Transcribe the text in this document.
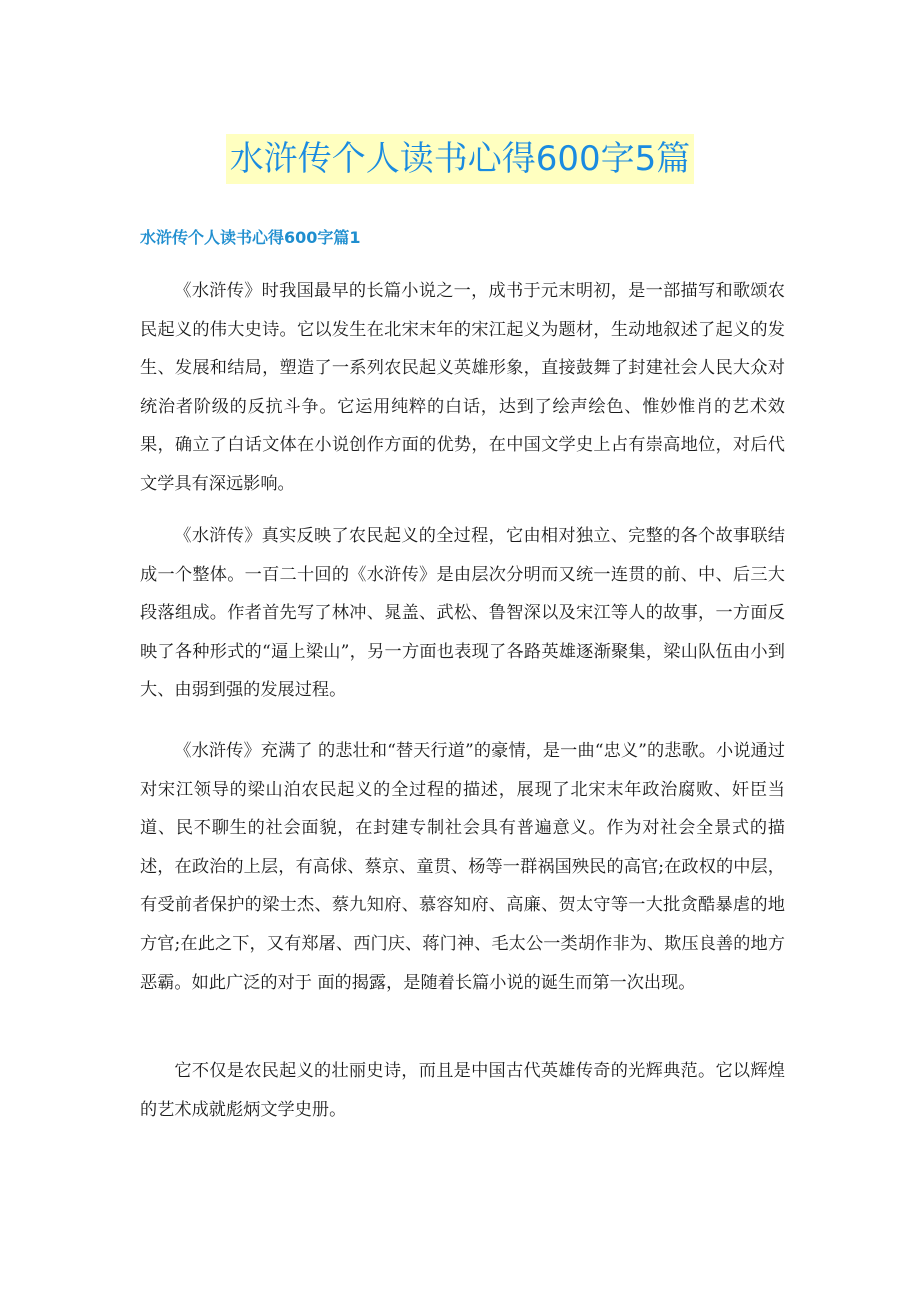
水浒传个人读书心得600字5篇
水浒传个人读书心得600字篇1

《水浒传》时我国最早的长篇小说之一，成书于元末明初，是一部描写和歌颂农民起义的伟大史诗。它以发生在北宋末年的宋江起义为题材，生动地叙述了起义的发生、发展和结局，塑造了一系列农民起义英雄形象，直接鼓舞了封建社会人民大众对统治者阶级的反抗斗争。它运用纯粹的白话，达到了绘声绘色、惟妙惟肖的艺术效果，确立了白话文体在小说创作方面的优势，在中国文学史上占有崇高地位，对后代文学具有深远影响。

《水浒传》真实反映了农民起义的全过程，它由相对独立、完整的各个故事联结成一个整体。一百二十回的《水浒传》是由层次分明而又统一连贯的前、中、后三大段落组成。作者首先写了林冲、晁盖、武松、鲁智深以及宋江等人的故事，一方面反映了各种形式的“逼上梁山”，另一方面也表现了各路英雄逐渐聚集，梁山队伍由小到大、由弱到强的发展过程。

《水浒传》充满了 的悲壮和“替天行道”的豪情，是一曲“忠义”的悲歌。小说通过对宋江领导的梁山泊农民起义的全过程的描述，展现了北宋末年政治腐败、奸臣当道、民不聊生的社会面貌，在封建专制社会具有普遍意义。作为对社会全景式的描述，在政治的上层，有高俅、蔡京、童贯、杨等一群祸国殃民的高官;在政权的中层，有受前者保护的梁士杰、蔡九知府、慕容知府、高廉、贺太守等一大批贪酷暴虐的地方官;在此之下，又有郑屠、西门庆、蒋门神、毛太公一类胡作非为、欺压良善的地方恶霸。如此广泛的对于 面的揭露，是随着长篇小说的诞生而第一次出现。

它不仅是农民起义的壮丽史诗，而且是中国古代英雄传奇的光辉典范。它以辉煌的艺术成就彪炳文学史册。
